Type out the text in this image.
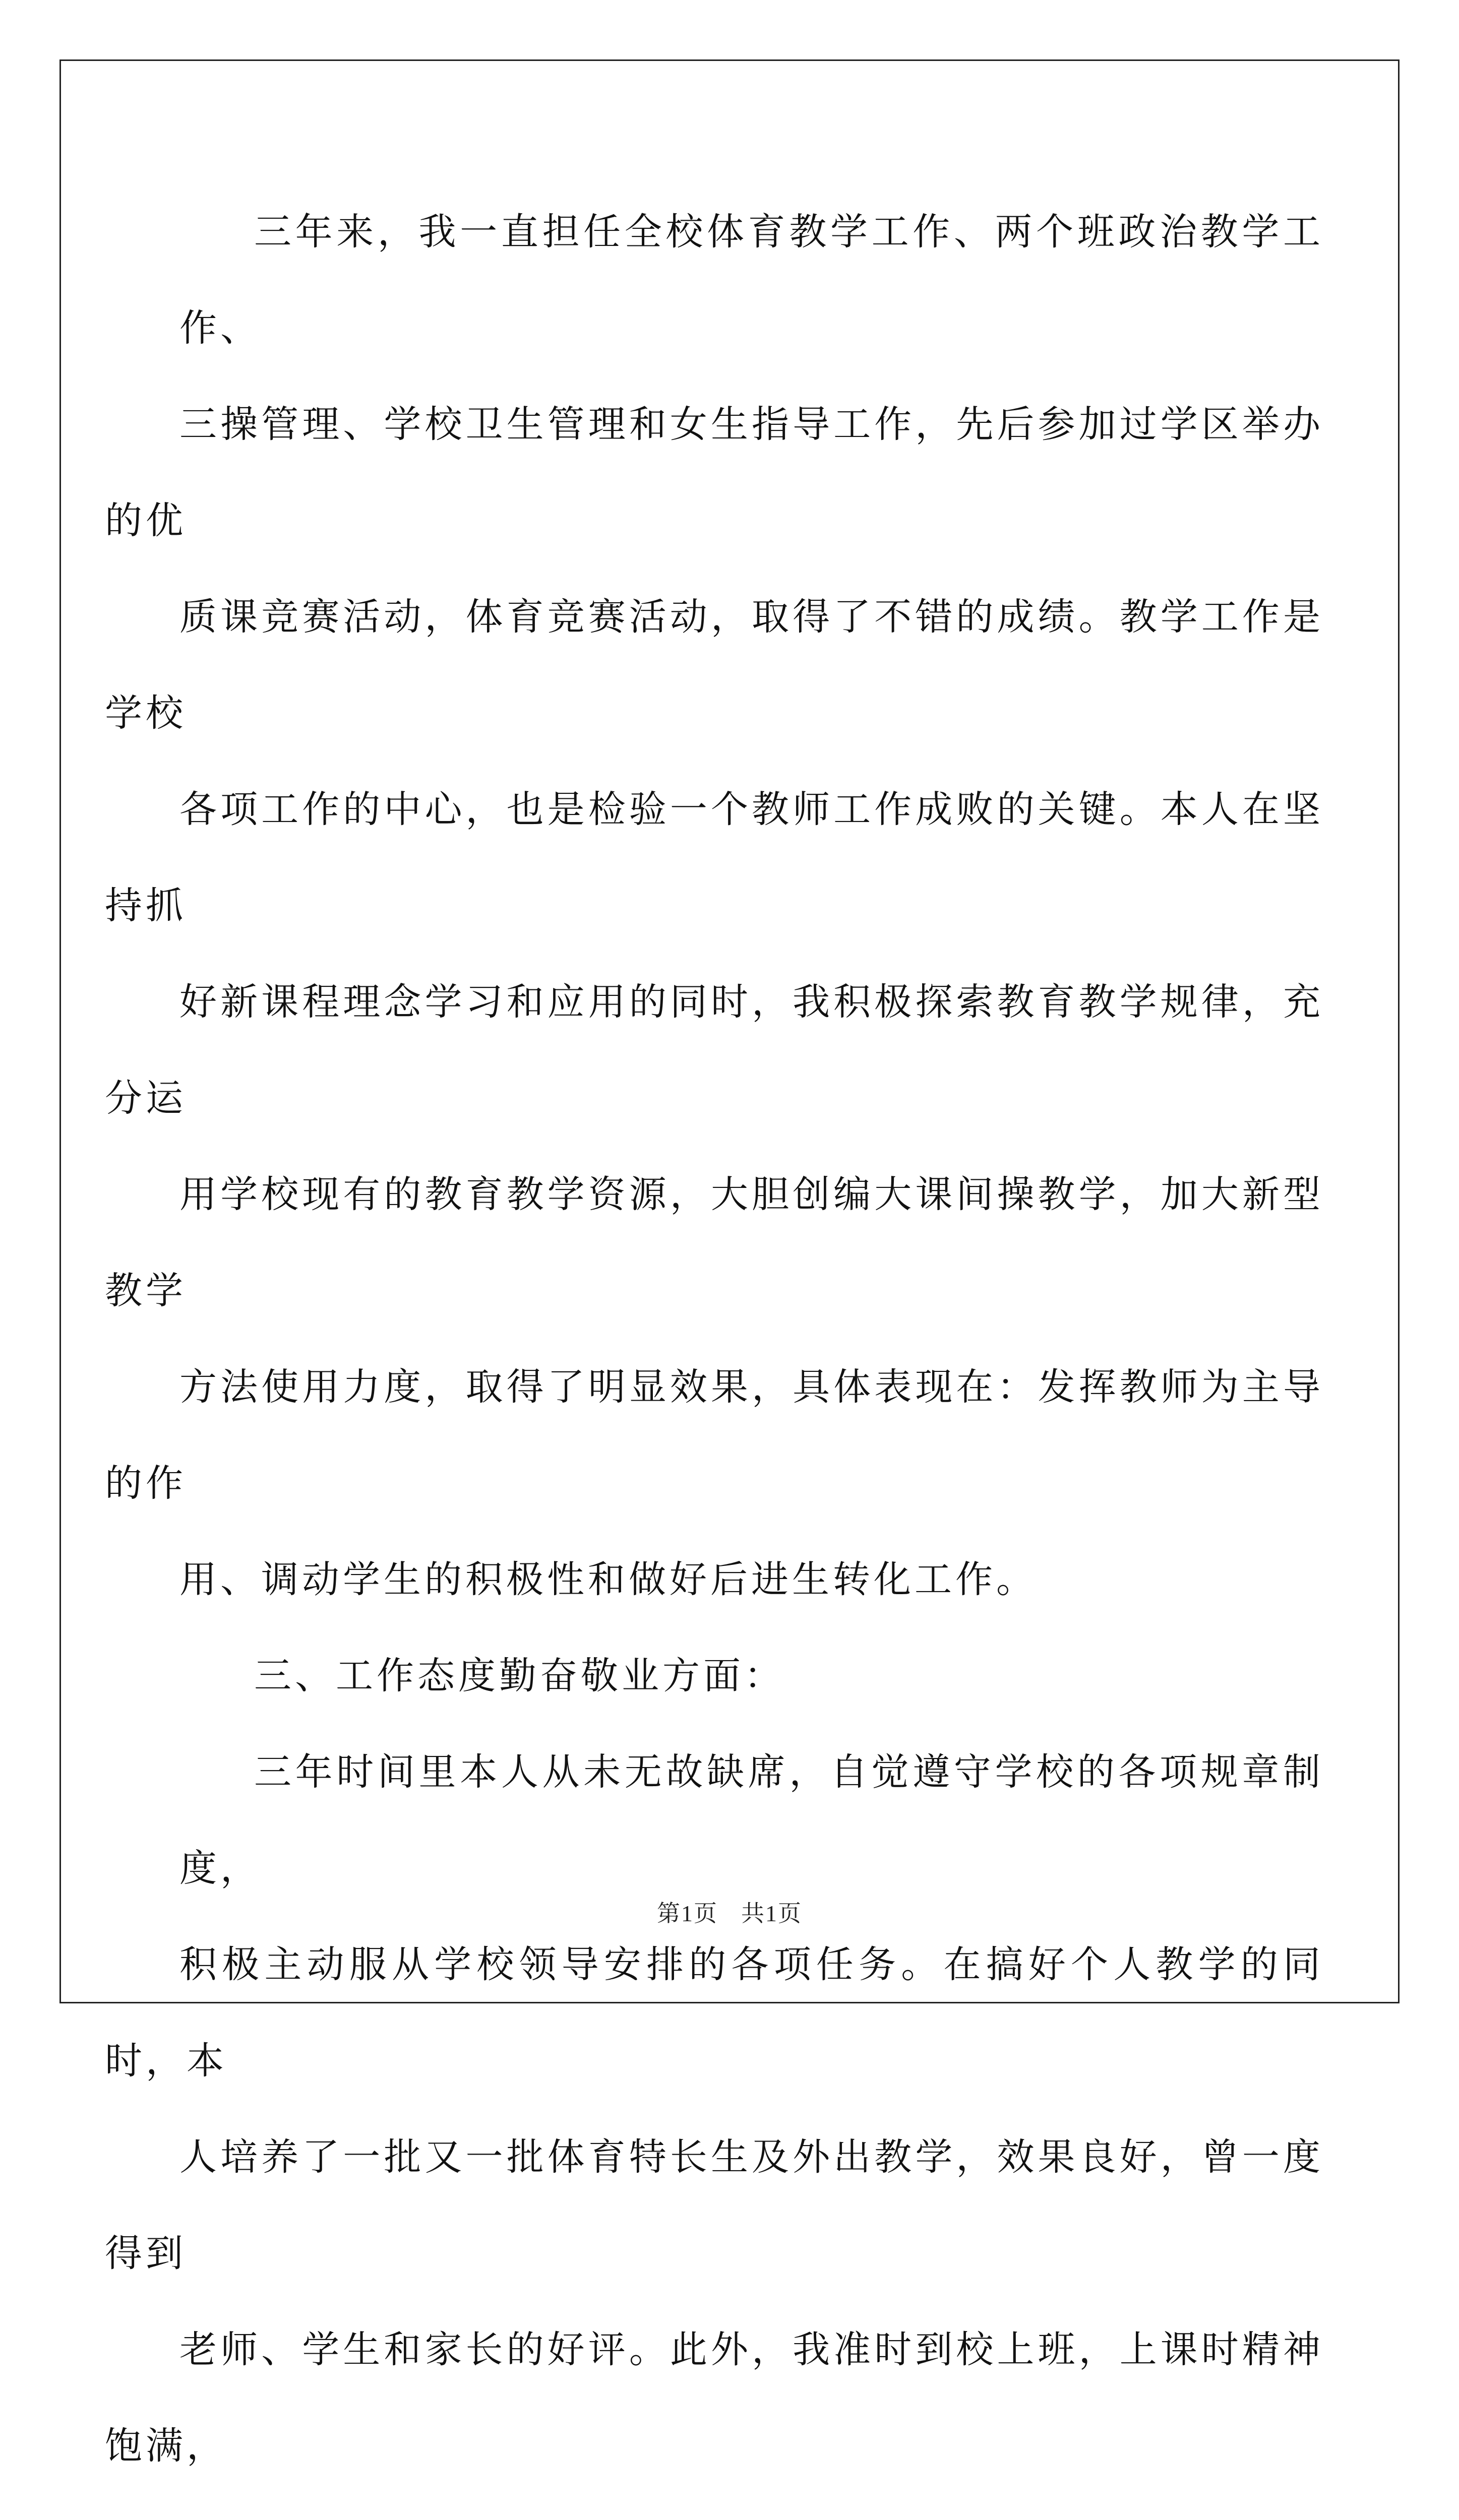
三年来，我一直担任全校体育教学工作、两个班政治教学工作、
三操管理、学校卫生管理和女生指导工作，先后参加过学区举办的优
质课竞赛活动，体育竞赛活动，取得了不错的成绩。教学工作是学校
各项工作的中心，也是检验一个教师工作成败的关键。本人在坚持抓
好新课程理念学习和应用的同时，我积极探索教育教学规律，充分运
用学校现有的教育教学资源，大胆创编大课间操教学，加大新型教学
方法使用力度，取得了明显效果，具体表现在：发挥教师为主导的作
用、调动学生的积极性和做好后进生转化工作。

三、工作态度勤奋敬业方面：

三年时间里本人从未无故缺席，自觉遵守学校的各项规章制度，
积极主动服从学校领导安排的各项任务。在搞好个人教学的同时，本
人培养了一批又一批体育特长生及外出教学，效果良好，曾一度得到
老师、学生和家长的好评。此外，我准时到校上班，上课时精神饱满，

第1页 共1页
